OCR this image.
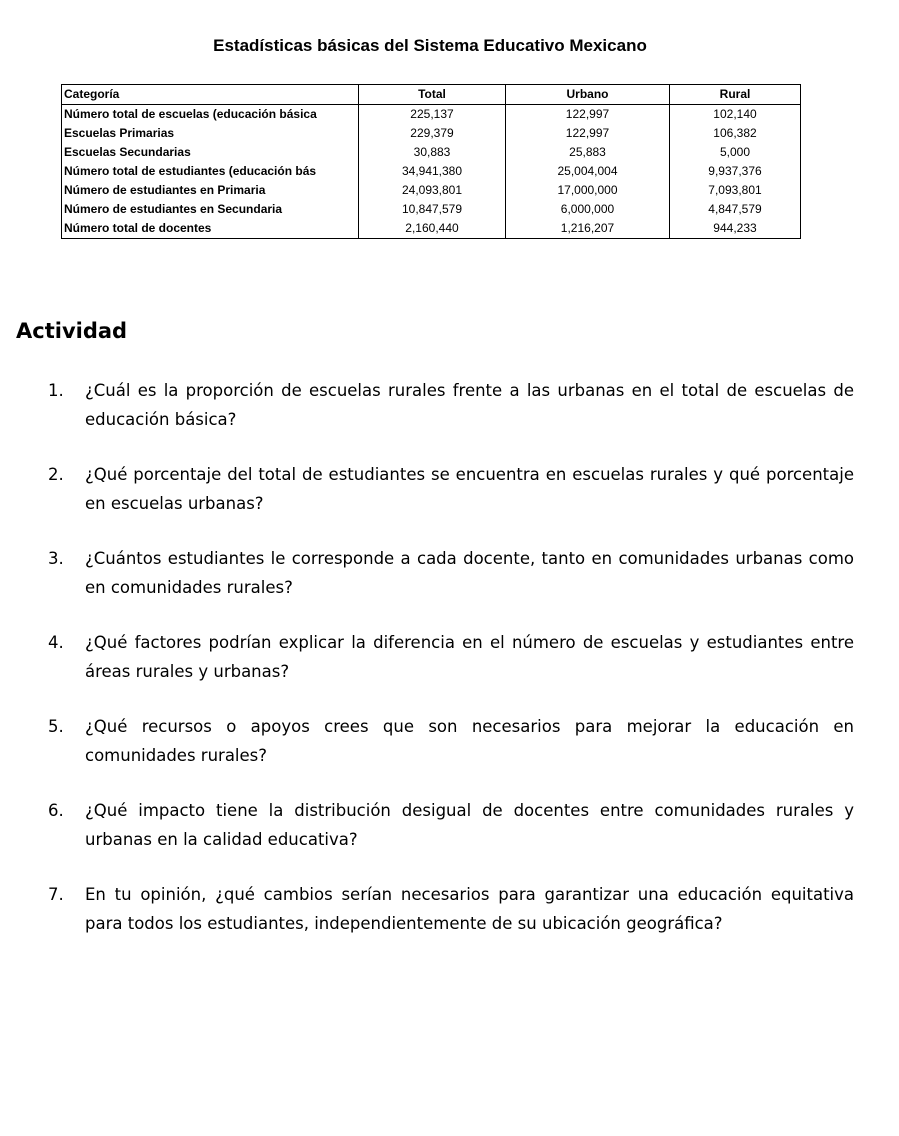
Estadísticas básicas del Sistema Educativo Mexicano
Categoría	Total	Urbano	Rural
Número total de escuelas (educación básica	225,137	122,997	102,140
Escuelas Primarias	229,379	122,997	106,382
Escuelas Secundarias	30,883	25,883	5,000
Número total de estudiantes (educación bás	34,941,380	25,004,004	9,937,376
Número de estudiantes en Primaria	24,093,801	17,000,000	7,093,801
Número de estudiantes en Secundaria	10,847,579	6,000,000	4,847,579
Número total de docentes	2,160,440	1,216,207	944,233
Actividad
1. ¿Cuál es la proporción de escuelas rurales frente a las urbanas en el total de escuelas de educación básica?
2. ¿Qué porcentaje del total de estudiantes se encuentra en escuelas rurales y qué porcentaje en escuelas urbanas?
3. ¿Cuántos estudiantes le corresponde a cada docente, tanto en comunidades urbanas como en comunidades rurales?
4. ¿Qué factores podrían explicar la diferencia en el número de escuelas y estudiantes entre áreas rurales y urbanas?
5. ¿Qué recursos o apoyos crees que son necesarios para mejorar la educación en comunidades rurales?
6. ¿Qué impacto tiene la distribución desigual de docentes entre comunidades rurales y urbanas en la calidad educativa?
7. En tu opinión, ¿qué cambios serían necesarios para garantizar una educación equitativa para todos los estudiantes, independientemente de su ubicación geográfica?
